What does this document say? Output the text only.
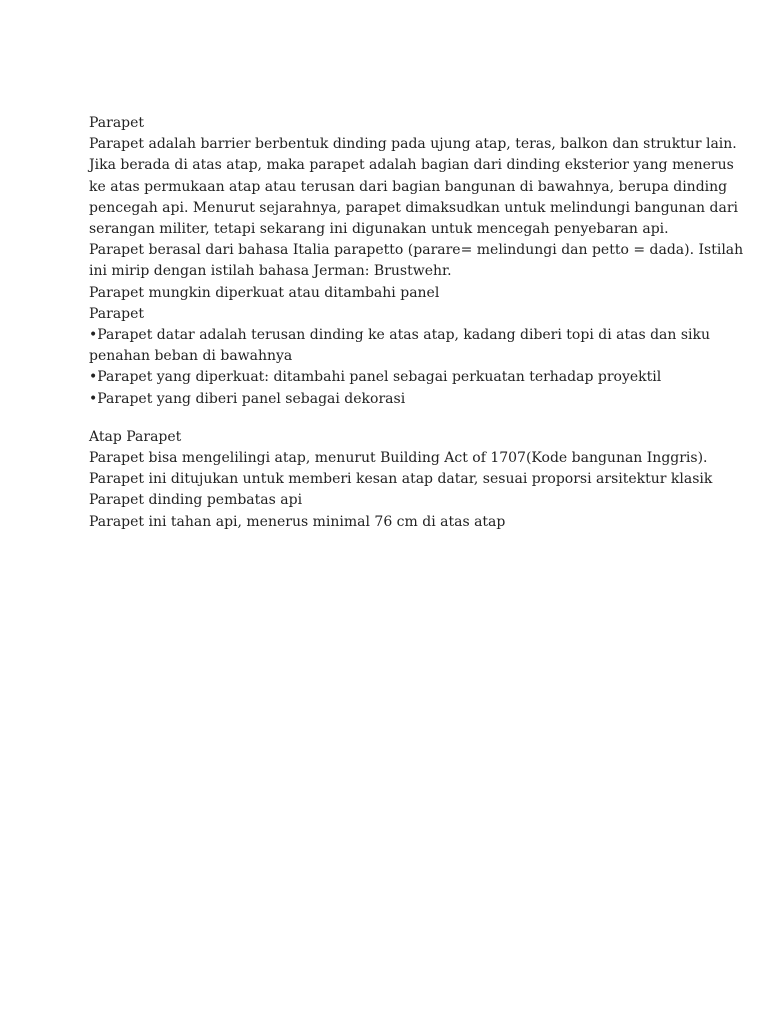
Parapet
Parapet adalah barrier berbentuk dinding pada ujung atap, teras, balkon dan struktur lain.
Jika berada di atas atap, maka parapet adalah bagian dari dinding eksterior yang menerus
ke atas permukaan atap atau terusan dari bagian bangunan di bawahnya, berupa dinding
pencegah api. Menurut sejarahnya, parapet dimaksudkan untuk melindungi bangunan dari
serangan militer, tetapi sekarang ini digunakan untuk mencegah penyebaran api.
Parapet berasal dari bahasa Italia parapetto (parare= melindungi dan petto = dada). Istilah
ini mirip dengan istilah bahasa Jerman: Brustwehr.
Parapet mungkin diperkuat atau ditambahi panel
Parapet
•Parapet datar adalah terusan dinding ke atas atap, kadang diberi topi di atas dan siku
penahan beban di bawahnya
•Parapet yang diperkuat: ditambahi panel sebagai perkuatan terhadap proyektil
•Parapet yang diberi panel sebagai dekorasi
Atap Parapet
Parapet bisa mengelilingi atap, menurut Building Act of 1707(Kode bangunan Inggris).
Parapet ini ditujukan untuk memberi kesan atap datar, sesuai proporsi arsitektur klasik
Parapet dinding pembatas api
Parapet ini tahan api, menerus minimal 76 cm di atas atap
